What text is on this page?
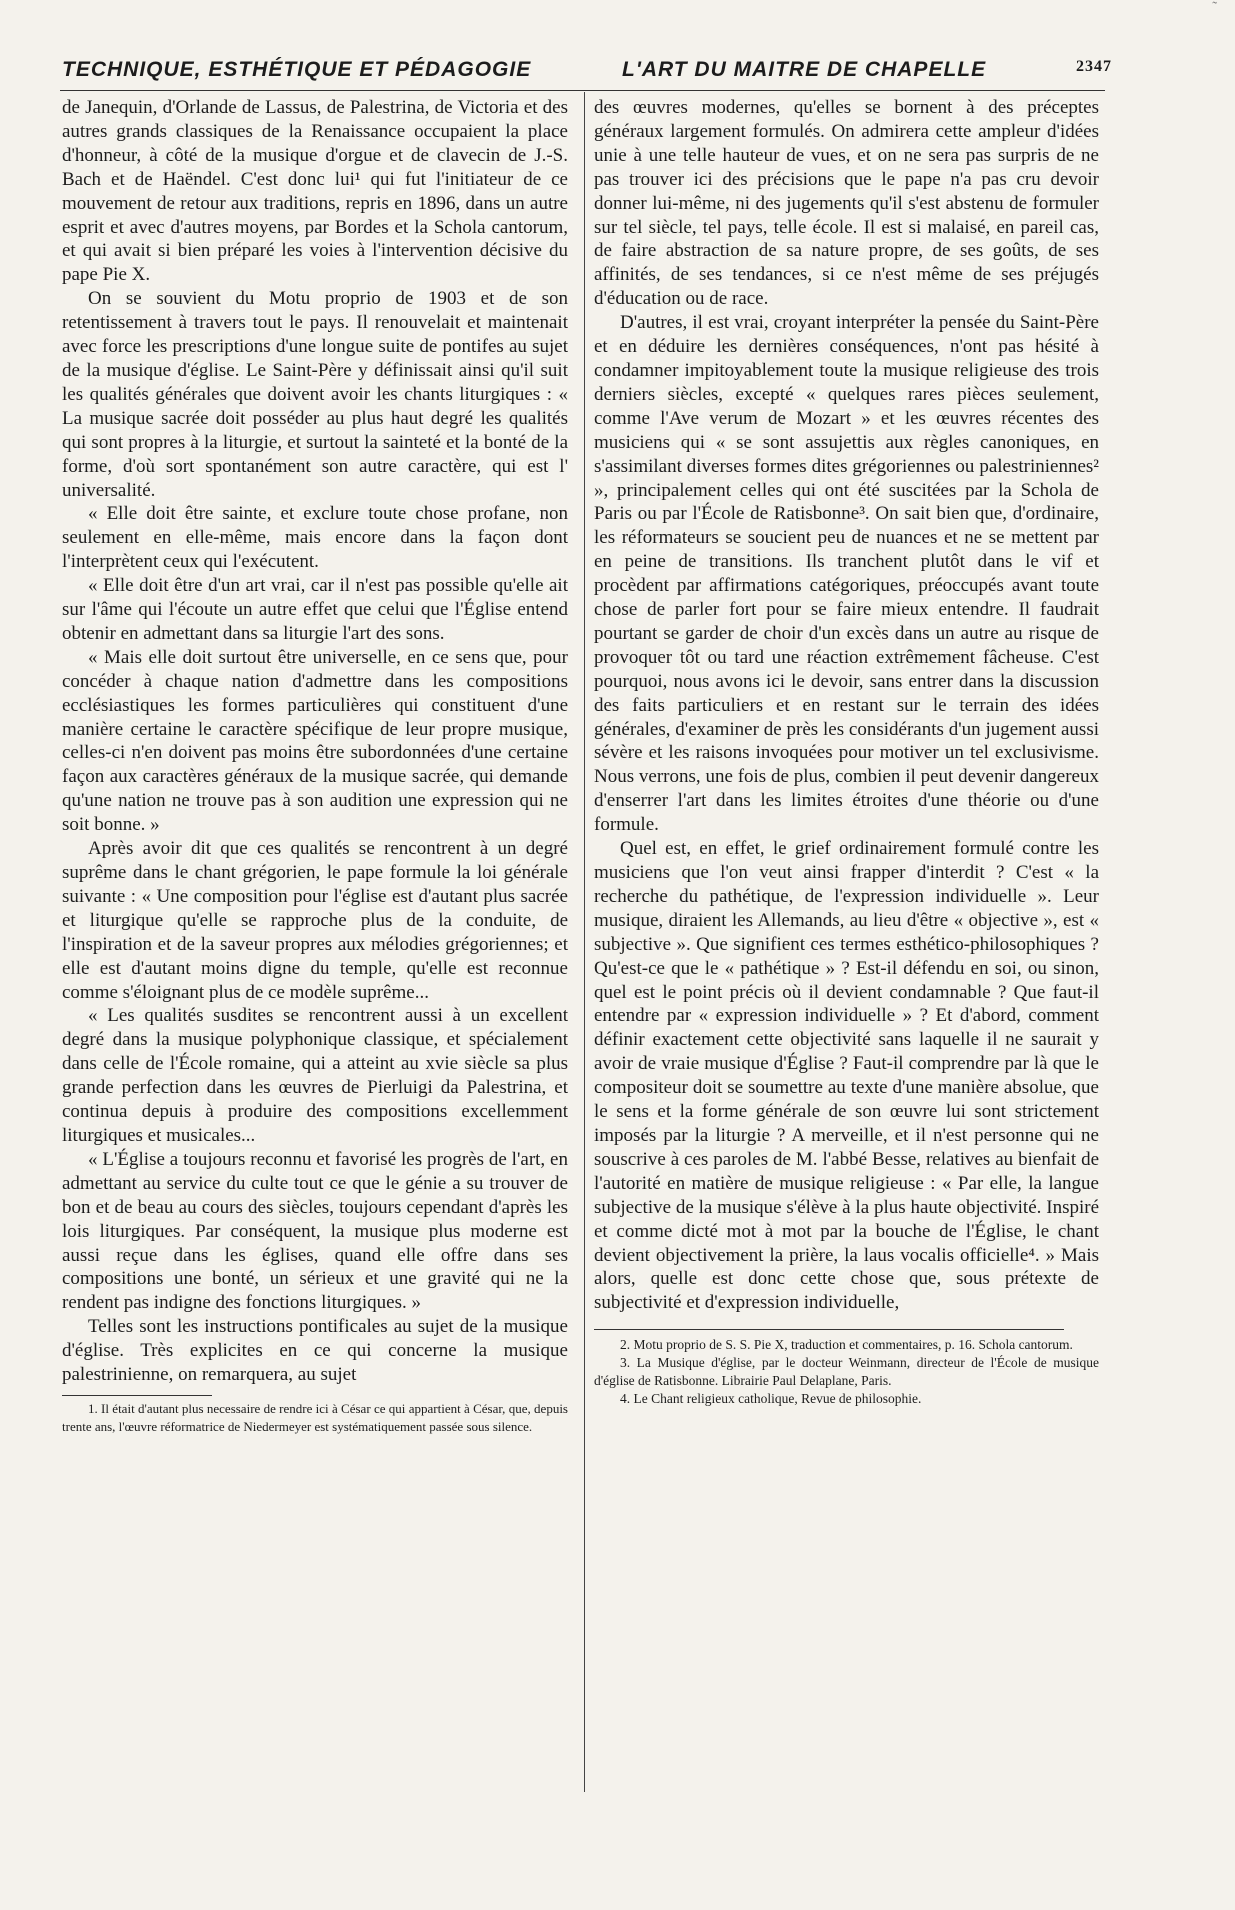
˜
TECHNIQUE, ESTHÉTIQUE ET PÉDAGOGIE	L'ART DU MAITRE DE CHAPELLE	2347

de Janequin, d'Orlande de Lassus, de Palestrina, de Victoria et des autres grands classiques de la Renaissance occupaient la place d'honneur, à côté de la musique d'orgue et de clavecin de J.-S. Bach et de Haëndel. C'est donc lui¹ qui fut l'initiateur de ce mouvement de retour aux traditions, repris en 1896, dans un autre esprit et avec d'autres moyens, par Bordes et la Schola cantorum, et qui avait si bien préparé les voies à l'intervention décisive du pape Pie X.

On se souvient du Motu proprio de 1903 et de son retentissement à travers tout le pays. Il renouvelait et maintenait avec force les prescriptions d'une longue suite de pontifes au sujet de la musique d'église. Le Saint-Père y définissait ainsi qu'il suit les qualités générales que doivent avoir les chants liturgiques : « La musique sacrée doit posséder au plus haut degré les qualités qui sont propres à la liturgie, et surtout la sainteté et la bonté de la forme, d'où sort spontanément son autre caractère, qui est l' universalité.

« Elle doit être sainte, et exclure toute chose profane, non seulement en elle-même, mais encore dans la façon dont l'interprètent ceux qui l'exécutent.

« Elle doit être d'un art vrai, car il n'est pas possible qu'elle ait sur l'âme qui l'écoute un autre effet que celui que l'Église entend obtenir en admettant dans sa liturgie l'art des sons.

« Mais elle doit surtout être universelle, en ce sens que, pour concéder à chaque nation d'admettre dans les compositions ecclésiastiques les formes particulières qui constituent d'une manière certaine le caractère spécifique de leur propre musique, celles-ci n'en doivent pas moins être subordonnées d'une certaine façon aux caractères généraux de la musique sacrée, qui demande qu'une nation ne trouve pas à son audition une expression qui ne soit bonne. »

Après avoir dit que ces qualités se rencontrent à un degré suprême dans le chant grégorien, le pape formule la loi générale suivante : « Une composition pour l'église est d'autant plus sacrée et liturgique qu'elle se rapproche plus de la conduite, de l'inspiration et de la saveur propres aux mélodies grégoriennes; et elle est d'autant moins digne du temple, qu'elle est reconnue comme s'éloignant plus de ce modèle suprême...

« Les qualités susdites se rencontrent aussi à un excellent degré dans la musique polyphonique classique, et spécialement dans celle de l'École romaine, qui a atteint au xvie siècle sa plus grande perfection dans les œuvres de Pierluigi da Palestrina, et continua depuis à produire des compositions excellemment liturgiques et musicales...

« L'Église a toujours reconnu et favorisé les progrès de l'art, en admettant au service du culte tout ce que le génie a su trouver de bon et de beau au cours des siècles, toujours cependant d'après les lois liturgiques. Par conséquent, la musique plus moderne est aussi reçue dans les églises, quand elle offre dans ses compositions une bonté, un sérieux et une gravité qui ne la rendent pas indigne des fonctions liturgiques. »

Telles sont les instructions pontificales au sujet de la musique d'église. Très explicites en ce qui concerne la musique palestrinienne, on remarquera, au sujet

1. Il était d'autant plus necessaire de rendre ici à César ce qui appartient à César, que, depuis trente ans, l'œuvre réformatrice de Niedermeyer est systématiquement passée sous silence.

des œuvres modernes, qu'elles se bornent à des préceptes généraux largement formulés. On admirera cette ampleur d'idées unie à une telle hauteur de vues, et on ne sera pas surpris de ne pas trouver ici des précisions que le pape n'a pas cru devoir donner lui-même, ni des jugements qu'il s'est abstenu de formuler sur tel siècle, tel pays, telle école. Il est si malaisé, en pareil cas, de faire abstraction de sa nature propre, de ses goûts, de ses affinités, de ses tendances, si ce n'est même de ses préjugés d'éducation ou de race.

D'autres, il est vrai, croyant interpréter la pensée du Saint-Père et en déduire les dernières conséquences, n'ont pas hésité à condamner impitoyablement toute la musique religieuse des trois derniers siècles, excepté « quelques rares pièces seulement, comme l'Ave verum de Mozart » et les œuvres récentes des musiciens qui « se sont assujettis aux règles canoniques, en s'assimilant diverses formes dites grégoriennes ou palestriniennes² », principalement celles qui ont été suscitées par la Schola de Paris ou par l'École de Ratisbonne³. On sait bien que, d'ordinaire, les réformateurs se soucient peu de nuances et ne se mettent par en peine de transitions. Ils tranchent plutôt dans le vif et procèdent par affirmations catégoriques, préoccupés avant toute chose de parler fort pour se faire mieux entendre. Il faudrait pourtant se garder de choir d'un excès dans un autre au risque de provoquer tôt ou tard une réaction extrêmement fâcheuse. C'est pourquoi, nous avons ici le devoir, sans entrer dans la discussion des faits particuliers et en restant sur le terrain des idées générales, d'examiner de près les considérants d'un jugement aussi sévère et les raisons invoquées pour motiver un tel exclusivisme. Nous verrons, une fois de plus, combien il peut devenir dangereux d'enserrer l'art dans les limites étroites d'une théorie ou d'une formule.

Quel est, en effet, le grief ordinairement formulé contre les musiciens que l'on veut ainsi frapper d'interdit ? C'est « la recherche du pathétique, de l'expression individuelle ». Leur musique, diraient les Allemands, au lieu d'être « objective », est « subjective ». Que signifient ces termes esthético-philosophiques ? Qu'est-ce que le « pathétique » ? Est-il défendu en soi, ou sinon, quel est le point précis où il devient condamnable ? Que faut-il entendre par « expression individuelle » ? Et d'abord, comment définir exactement cette objectivité sans laquelle il ne saurait y avoir de vraie musique d'Église ? Faut-il comprendre par là que le compositeur doit se soumettre au texte d'une manière absolue, que le sens et la forme générale de son œuvre lui sont strictement imposés par la liturgie ? A merveille, et il n'est personne qui ne souscrive à ces paroles de M. l'abbé Besse, relatives au bienfait de l'autorité en matière de musique religieuse : « Par elle, la langue subjective de la musique s'élève à la plus haute objectivité. Inspiré et comme dicté mot à mot par la bouche de l'Église, le chant devient objectivement la prière, la laus vocalis officielle⁴. » Mais alors, quelle est donc cette chose que, sous prétexte de subjectivité et d'expression individuelle,

2. Motu proprio de S. S. Pie X, traduction et commentaires, p. 16. Schola cantorum.

3. La Musique d'église, par le docteur Weinmann, directeur de l'École de musique d'église de Ratisbonne. Librairie Paul Delaplane, Paris.

4. Le Chant religieux catholique, Revue de philosophie.
